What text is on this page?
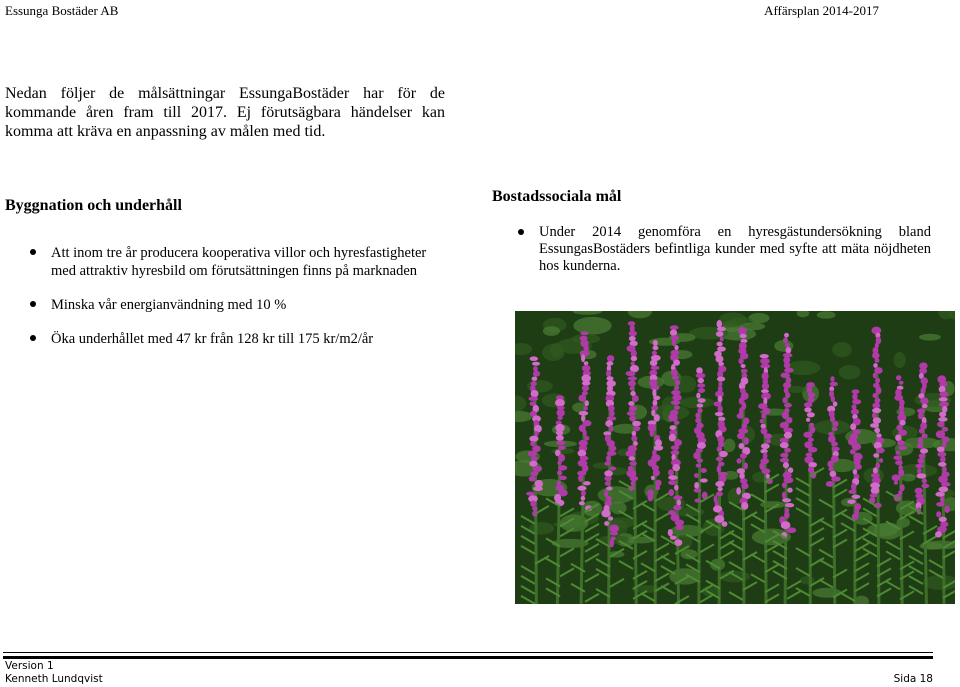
Essunga Bostäder AB	Affärsplan 2014-2017
Nedan följer de målsättningar EssungaBostäder har för de kommande åren fram till 2017. Ej förutsägbara händelser kan komma att kräva en anpassning av målen med tid.
Byggnation och underhåll
Att inom tre år producera kooperativa villor och hyresfastigheter med attraktiv hyresbild om förutsättningen finns på marknaden
Minska vår energianvändning med 10 %
Öka underhållet med 47 kr från 128 kr till 175 kr/m2/år
Bostadssociala mål
Under 2014 genomföra en hyresgästundersökning bland EssungasBostäders befintliga kunder med syfte att mäta nöjdheten hos kunderna.
Version 1
Kenneth Lundqvist	Sida 18
